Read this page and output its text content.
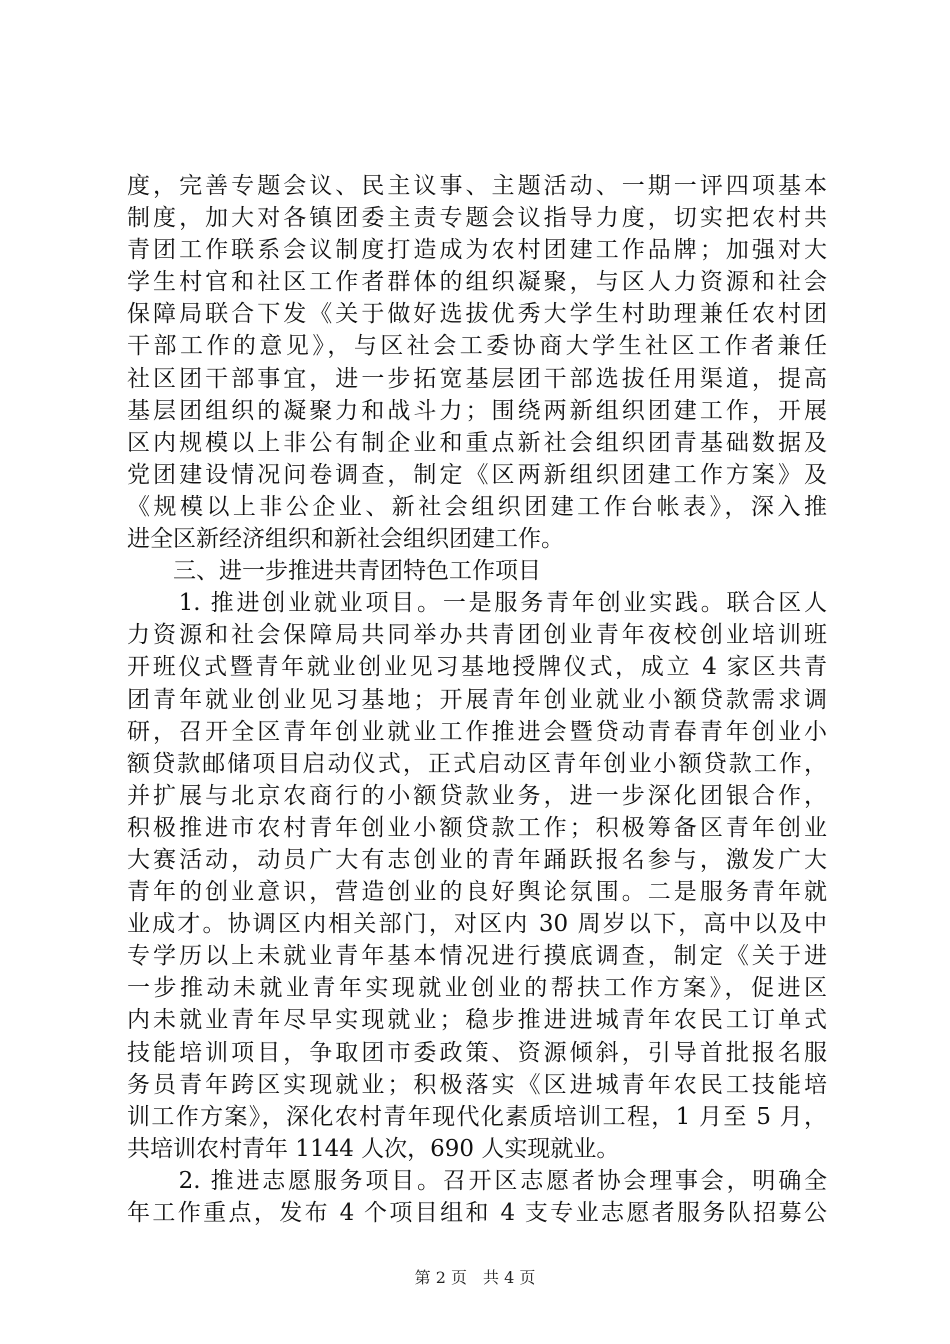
度，完善专题会议、民主议事、主题活动、一期一评四项基本
制度，加大对各镇团委主责专题会议指导力度，切实把农村共
青团工作联系会议制度打造成为农村团建工作品牌；加强对大
学生村官和社区工作者群体的组织凝聚，与区人力资源和社会
保障局联合下发《关于做好选拔优秀大学生村助理兼任农村团
干部工作的意见》，与区社会工委协商大学生社区工作者兼任
社区团干部事宜，进一步拓宽基层团干部选拔任用渠道，提高
基层团组织的凝聚力和战斗力；围绕两新组织团建工作，开展
区内规模以上非公有制企业和重点新社会组织团青基础数据及
党团建设情况问卷调查，制定《区两新组织团建工作方案》及
《规模以上非公企业、新社会组织团建工作台帐表》，深入推
进全区新经济组织和新社会组织团建工作。
　　三、进一步推进共青团特色工作项目
　　1. 推进创业就业项目。一是服务青年创业实践。联合区人
力资源和社会保障局共同举办共青团创业青年夜校创业培训班
开班仪式暨青年就业创业见习基地授牌仪式，成立 4 家区共青
团青年就业创业见习基地；开展青年创业就业小额贷款需求调
研，召开全区青年创业就业工作推进会暨贷动青春青年创业小
额贷款邮储项目启动仪式，正式启动区青年创业小额贷款工作，
并扩展与北京农商行的小额贷款业务，进一步深化团银合作，
积极推进市农村青年创业小额贷款工作；积极筹备区青年创业
大赛活动，动员广大有志创业的青年踊跃报名参与，激发广大
青年的创业意识，营造创业的良好舆论氛围。二是服务青年就
业成才。协调区内相关部门，对区内 30 周岁以下，高中以及中
专学历以上未就业青年基本情况进行摸底调查，制定《关于进
一步推动未就业青年实现就业创业的帮扶工作方案》，促进区
内未就业青年尽早实现就业；稳步推进进城青年农民工订单式
技能培训项目，争取团市委政策、资源倾斜，引导首批报名服
务员青年跨区实现就业；积极落实《区进城青年农民工技能培
训工作方案》，深化农村青年现代化素质培训工程，1 月至 5 月，
共培训农村青年 1144 人次，690 人实现就业。
　　2. 推进志愿服务项目。召开区志愿者协会理事会，明确全
年工作重点，发布 4 个项目组和 4 支专业志愿者服务队招募公
第 2 页　共 4 页
